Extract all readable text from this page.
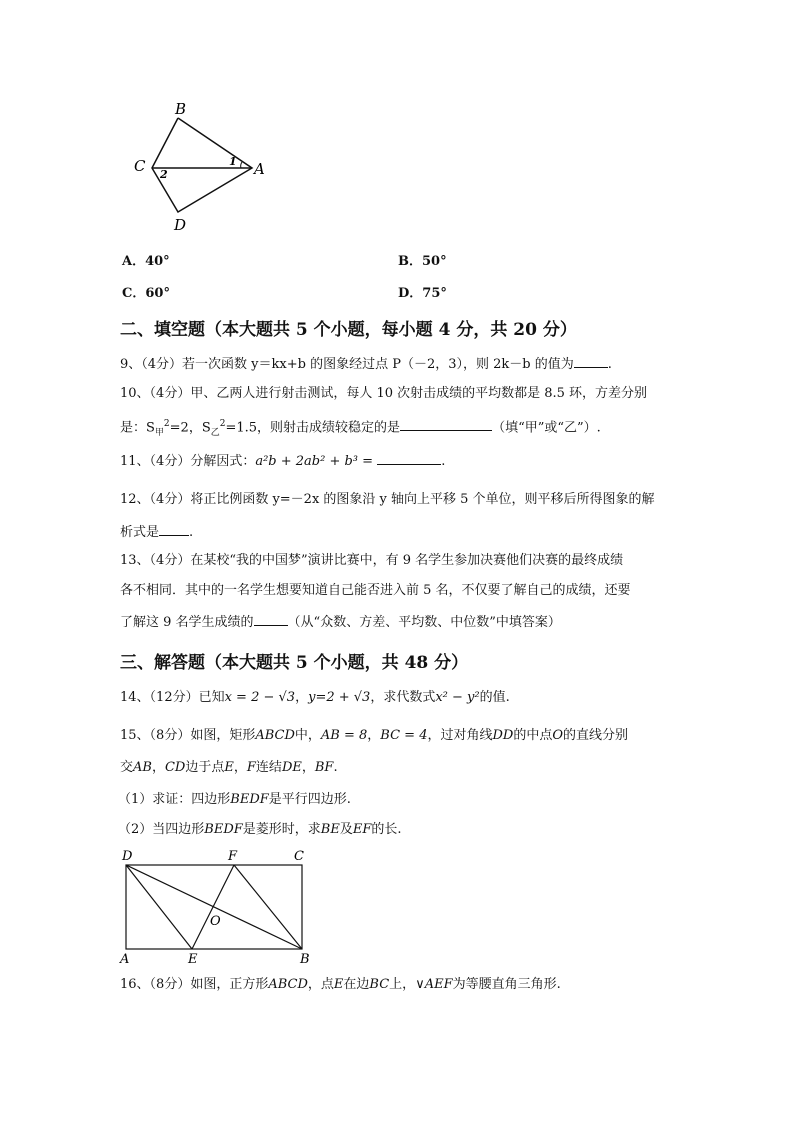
B
C	A
D
1
2
A．40°	B．50°
C．60°	D．75°
二、填空题（本大题共 5 个小题，每小题 4 分，共 20 分）
9、（4分）若一次函数 y＝kx+b 的图象经过点 P（－2，3），则 2k－b 的值为	.
10、（4分）甲、乙两人进行射击测试，每人 10 次射击成绩的平均数都是 8.5 环，方差分别
是：$S_甲^2=2$，$S_乙^2=1.5$，则射击成绩较稳定的是	（填“甲”或“乙”）.
11、（4分）分解因式：a²b + 2ab² + b³ =	.
12、（4分）将正比例函数 y=－2x 的图象沿 y 轴向上平移 5 个单位，则平移后所得图象的解
析式是 .
13、（4分）在某校“我的中国梦”演讲比赛中，有 9 名学生参加决赛他们决赛的最终成绩
各不相同．其中的一名学生想要知道自己能否进入前 5 名，不仅要了解自己的成绩，还要
了解这 9 名学生成绩的	（从“众数、方差、平均数、中位数”中填答案）
三、解答题（本大题共 5 个小题，共 48 分）
14、（12分）已知x = 2 − √3，y=2 + √3，求代数式x² − y²的值.
15、（8分）如图，矩形ABCD中，AB = 8，BC = 4，过对角线DD的中点O的直线分别
交AB，CD边于点E，F连结DE，BF.
（1）求证：四边形BEDF是平行四边形.
（2）当四边形BEDF是菱形时，求BE及EF的长.
D	F	C
O
A	E	B
16、（8分）如图，正方形ABCD，点E在边BC上，∨AEF为等腰直角三角形.
